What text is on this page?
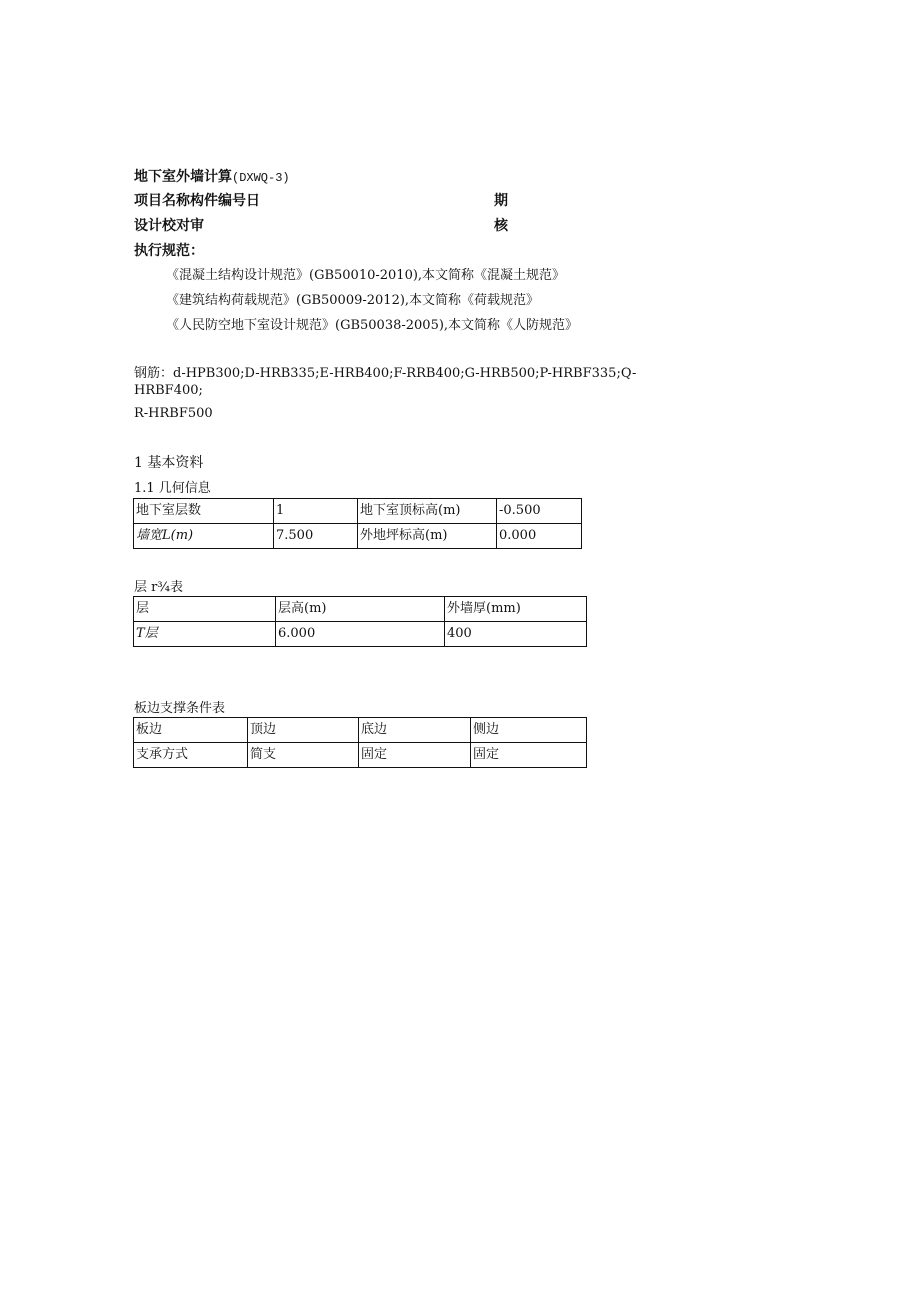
地下室外墙计算(DXWQ-3)
项目名称构件编号日	期
设计校对审	核
执行规范：
《混凝土结构设计规范》(GB50010-2010),本文简称《混凝土规范》
《建筑结构荷载规范》(GB50009-2012),本文简称《荷载规范》
《人民防空地下室设计规范》(GB50038-2005),本文简称《人防规范》
钢筋：d-HPB300;D-HRB335;E-HRB400;F-RRB400;G-HRB500;P-HRBF335;Q-
HRBF400;
R-HRBF500
1 基本资料
1.1 几何信息
地下室层数	1	地下室顶标高(m)	-0.500
墙宽L(m)	7.500	外地坪标高(m)	0.000
层 r¾表
层	层高(m)	外墙厚(mm)
T层	6.000	400
板边支撑条件表
板边	顶边	底边	侧边
支承方式	简支	固定	固定
